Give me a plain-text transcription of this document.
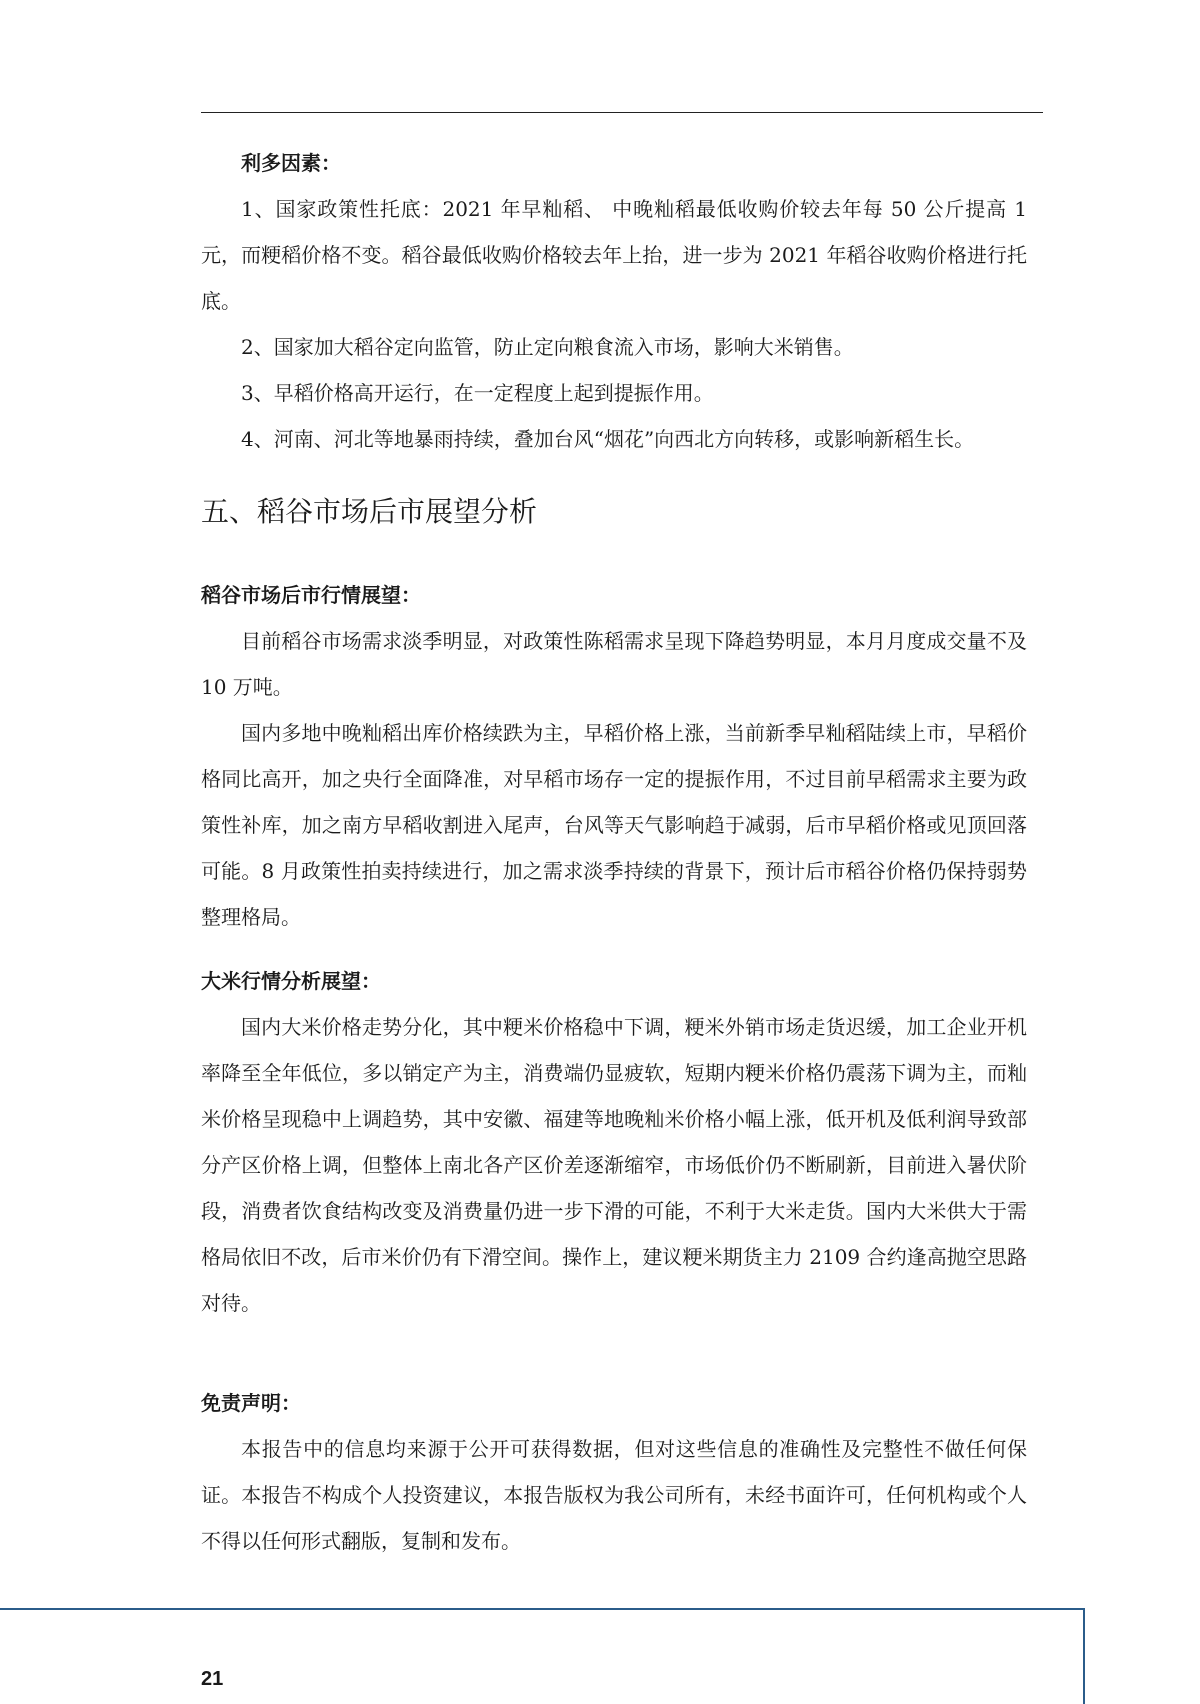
利多因素：

1、国家政策性托底：2021 年早籼稻、 中晚籼稻最低收购价较去年每 50 公斤提高 1 元，而粳稻价格不变。稻谷最低收购价格较去年上抬，进一步为 2021 年稻谷收购价格进行托底。

2、国家加大稻谷定向监管，防止定向粮食流入市场，影响大米销售。

3、早稻价格高开运行，在一定程度上起到提振作用。

4、河南、河北等地暴雨持续，叠加台风“烟花”向西北方向转移，或影响新稻生长。

五、稻谷市场后市展望分析
稻谷市场后市行情展望：

目前稻谷市场需求淡季明显，对政策性陈稻需求呈现下降趋势明显，本月月度成交量不及 10 万吨。

国内多地中晚籼稻出库价格续跌为主，早稻价格上涨，当前新季早籼稻陆续上市，早稻价格同比高开，加之央行全面降准，对早稻市场存一定的提振作用，不过目前早稻需求主要为政策性补库，加之南方早稻收割进入尾声，台风等天气影响趋于减弱，后市早稻价格或见顶回落可能。8 月政策性拍卖持续进行，加之需求淡季持续的背景下，预计后市稻谷价格仍保持弱势整理格局。

大米行情分析展望：

国内大米价格走势分化，其中粳米价格稳中下调，粳米外销市场走货迟缓，加工企业开机率降至全年低位，多以销定产为主，消费端仍显疲软，短期内粳米价格仍震荡下调为主，而籼米价格呈现稳中上调趋势，其中安徽、福建等地晚籼米价格小幅上涨，低开机及低利润导致部分产区价格上调，但整体上南北各产区价差逐渐缩窄，市场低价仍不断刷新，目前进入暑伏阶段，消费者饮食结构改变及消费量仍进一步下滑的可能，不利于大米走货。国内大米供大于需格局依旧不改，后市米价仍有下滑空间。操作上，建议粳米期货主力 2109 合约逢高抛空思路对待。

免责声明：

本报告中的信息均来源于公开可获得数据，但对这些信息的准确性及完整性不做任何保证。本报告不构成个人投资建议，本报告版权为我公司所有，未经书面许可，任何机构或个人不得以任何形式翻版，复制和发布。

21
